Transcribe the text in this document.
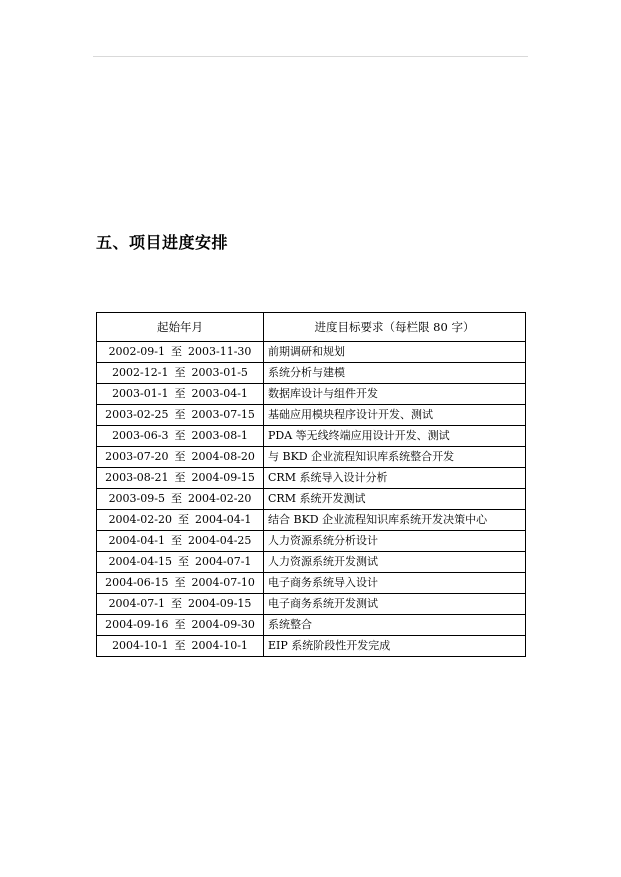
五、项目进度安排
起始年月	进度目标要求（每栏限 80 字）
2002-09-1 至 2003-11-30	前期调研和规划
2002-12-1 至 2003-01-5	系统分析与建模
2003-01-1 至 2003-04-1	数据库设计与组件开发
2003-02-25 至 2003-07-15	基础应用模块程序设计开发、测试
2003-06-3 至 2003-08-1	PDA 等无线终端应用设计开发、测试
2003-07-20 至 2004-08-20	与 BKD 企业流程知识库系统整合开发
2003-08-21 至 2004-09-15	CRM 系统导入设计分析
2003-09-5 至 2004-02-20	CRM 系统开发测试
2004-02-20 至 2004-04-1	结合 BKD 企业流程知识库系统开发决策中心
2004-04-1 至 2004-04-25	人力资源系统分析设计
2004-04-15 至 2004-07-1	人力资源系统开发测试
2004-06-15 至 2004-07-10	电子商务系统导入设计
2004-07-1 至 2004-09-15	电子商务系统开发测试
2004-09-16 至 2004-09-30	系统整合
2004-10-1 至 2004-10-1	EIP 系统阶段性开发完成
